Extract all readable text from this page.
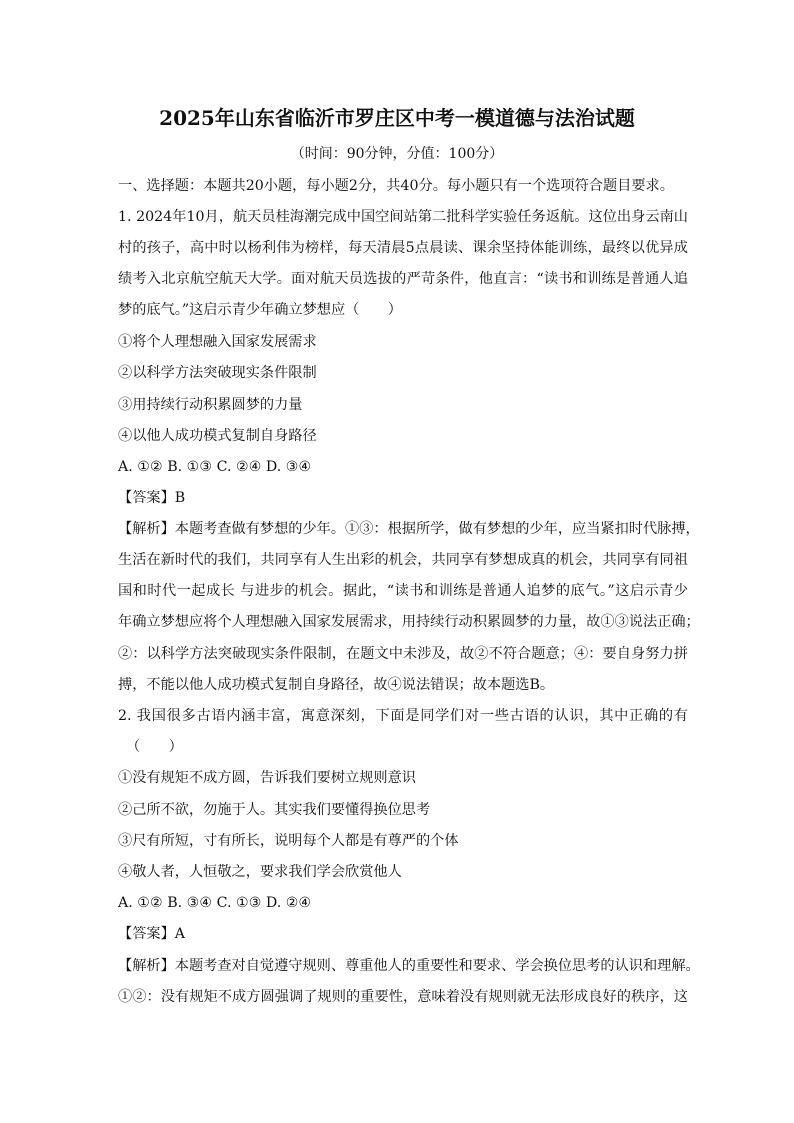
2025年山东省临沂市罗庄区中考一模道德与法治试题
（时间：90分钟，分值：100分）
一、选择题：本题共20小题，每小题2分，共40分。每小题只有一个选项符合题目要求。
1. 2024年10月，航天员桂海潮完成中国空间站第二批科学实验任务返航。这位出身云南山
村的孩子，高中时以杨利伟为榜样，每天清晨5点晨读、课余坚持体能训练，最终以优异成
绩考入北京航空航天大学。面对航天员选拔的严苛条件，他直言：“读书和训练是普通人追
梦的底气。”这启示青少年确立梦想应（　　）
①将个人理想融入国家发展需求
②以科学方法突破现实条件限制
③用持续行动积累圆梦的力量
④以他人成功模式复制自身路径
A. ①② B. ①③ C. ②④ D. ③④
【答案】B
【解析】本题考查做有梦想的少年。①③：根据所学，做有梦想的少年，应当紧扣时代脉搏，
生活在新时代的我们，共同享有人生出彩的机会，共同享有梦想成真的机会，共同享有同祖
国和时代一起成长 与进步的机会。据此，“读书和训练是普通人追梦的底气。”这启示青少
年确立梦想应将个人理想融入国家发展需求，用持续行动积累圆梦的力量，故①③说法正确；
②：以科学方法突破现实条件限制，在题文中未涉及，故②不符合题意；④：要自身努力拼
搏，不能以他人成功模式复制自身路径，故④说法错误；故本题选B。
2. 我国很多古语内涵丰富，寓意深刻，下面是同学们对一些古语的认识，其中正确的有
（　　）
①没有规矩不成方圆，告诉我们要树立规则意识
②己所不欲，勿施于人。其实我们要懂得换位思考
③尺有所短，寸有所长，说明每个人都是有尊严的个体
④敬人者，人恒敬之，要求我们学会欣赏他人
A. ①② B. ③④ C. ①③ D. ②④
【答案】A
【解析】本题考查对自觉遵守规则、尊重他人的重要性和要求、学会换位思考的认识和理解。
①②：没有规矩不成方圆强调了规则的重要性，意味着没有规则就无法形成良好的秩序，这
